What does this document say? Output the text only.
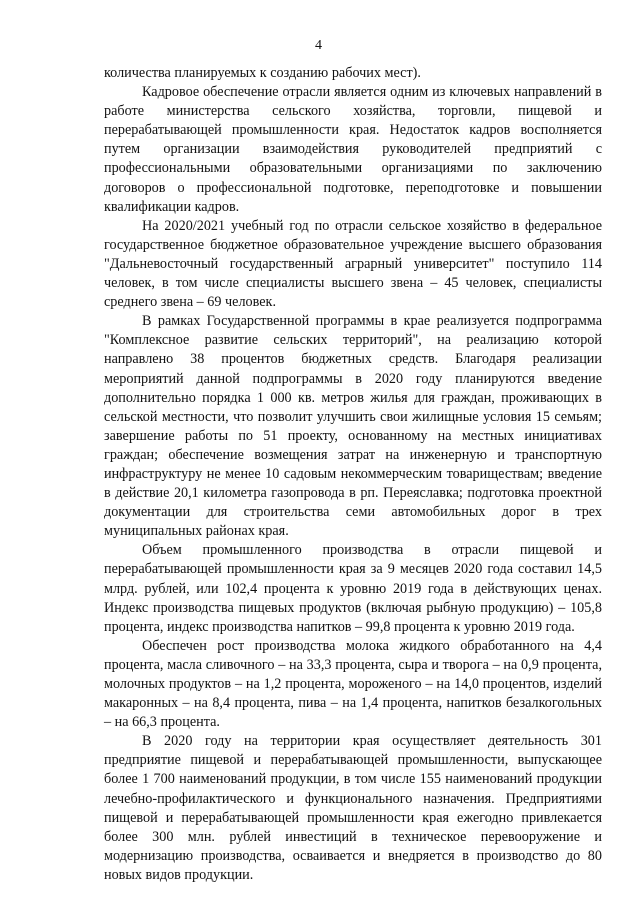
4

количества планируемых к созданию рабочих мест).

Кадровое обеспечение отрасли является одним из ключевых направлений в работе министерства сельского хозяйства, торговли, пищевой и перерабатывающей промышленности края. Недостаток кадров восполняется путем организации взаимодействия руководителей предприятий с профессиональными образовательными организациями по заключению договоров о профессиональной подготовке, переподготовке и повышении квалификации кадров.

На 2020/2021 учебный год по отрасли сельское хозяйство в федеральное государственное бюджетное образовательное учреждение высшего образования "Дальневосточный государственный аграрный университет" поступило 114 человек, в том числе специалисты высшего звена – 45 человек, специалисты среднего звена – 69 человек.

В рамках Государственной программы в крае реализуется подпрограмма "Комплексное развитие сельских территорий", на реализацию которой направлено 38 процентов бюджетных средств. Благодаря реализации мероприятий данной подпрограммы в 2020 году планируются введение дополнительно порядка 1 000 кв. метров жилья для граждан, проживающих в сельской местности, что позволит улучшить свои жилищные условия 15 семьям; завершение работы по 51 проекту, основанному на местных инициативах граждан; обеспечение возмещения затрат на инженерную и транспортную инфраструктуру не менее 10 садовым некоммерческим товариществам; введение в действие 20,1 километра газопровода в рп. Переяславка; подготовка проектной документации для строительства семи автомобильных дорог в трех муниципальных районах края.

Объем промышленного производства в отрасли пищевой и перерабатывающей промышленности края за 9 месяцев 2020 года составил 14,5 млрд. рублей, или 102,4 процента к уровню 2019 года в действующих ценах. Индекс производства пищевых продуктов (включая рыбную продукцию) – 105,8 процента, индекс производства напитков – 99,8 процента к уровню 2019 года.

Обеспечен рост производства молока жидкого обработанного на 4,4 процента, масла сливочного – на 33,3 процента, сыра и творога – на 0,9 процента, молочных продуктов – на 1,2 процента, мороженого – на 14,0 процентов, изделий макаронных – на 8,4 процента, пива – на 1,4 процента, напитков безалкогольных – на 66,3 процента.

В 2020 году на территории края осуществляет деятельность 301 предприятие пищевой и перерабатывающей промышленности, выпускающее более 1 700 наименований продукции, в том числе 155 наименований продукции лечебно-профилактического и функционального назначения. Предприятиями пищевой и перерабатывающей промышленности края ежегодно привлекается более 300 млн. рублей инвестиций в техническое перевооружение и модернизацию производства, осваивается и внедряется в производство до 80 новых видов продукции.
